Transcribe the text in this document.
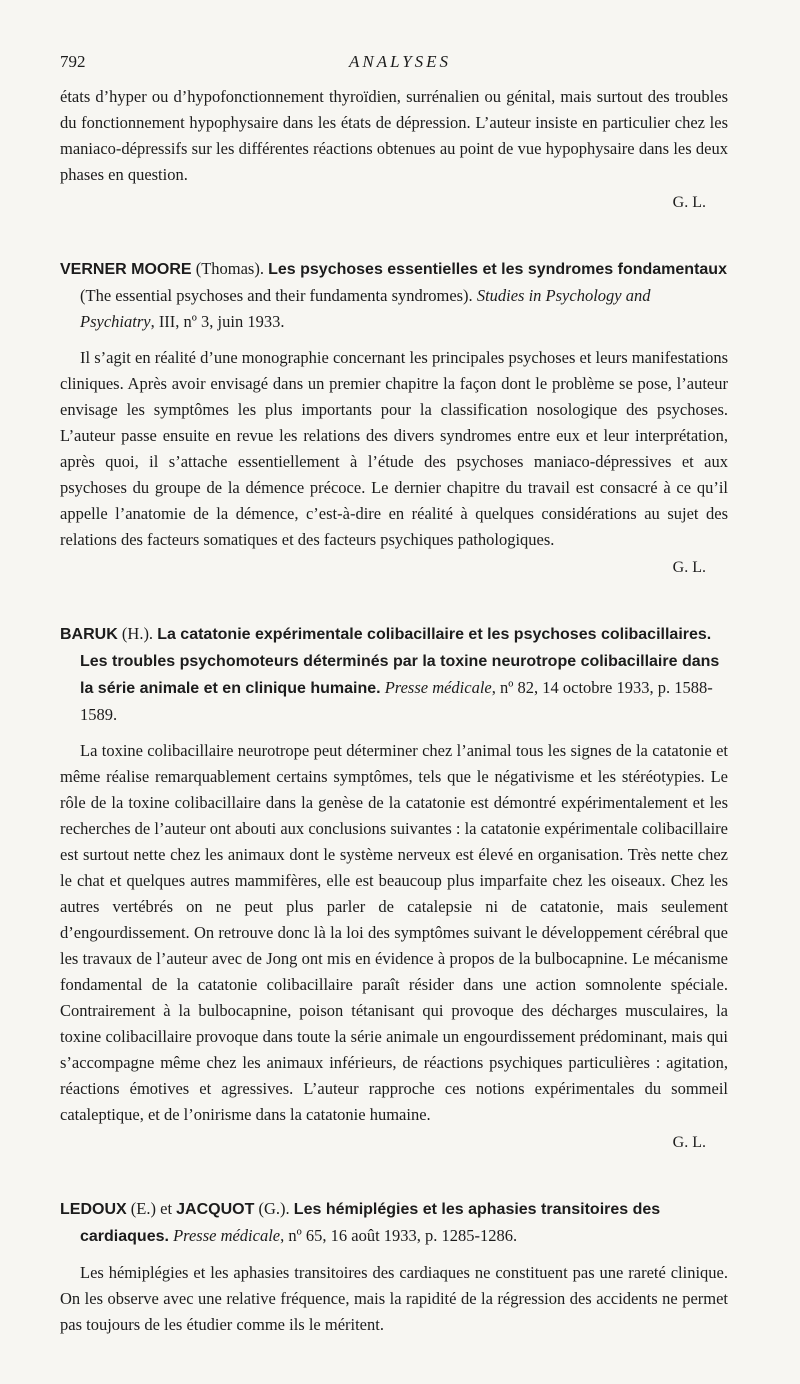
792	ANALYSES

états d’hyper ou d’hypofonctionnement thyroïdien, surrénalien ou génital, mais surtout des troubles du fonctionnement hypophysaire dans les états de dépression. L’auteur insiste en particulier chez les maniaco-dépressifs sur les différentes réactions obtenues au point de vue hypophysaire dans les deux phases en question.

G. L.

VERNER MOORE (Thomas). Les psychoses essentielles et les syndromes fondamentaux (The essential psychoses and their fundamenta syndromes). Studies in Psychology and Psychiatry, III, nº 3, juin 1933.

Il s’agit en réalité d’une monographie concernant les principales psychoses et leurs manifestations cliniques. Après avoir envisagé dans un premier chapitre la façon dont le problème se pose, l’auteur envisage les symptômes les plus importants pour la classification nosologique des psychoses. L’auteur passe ensuite en revue les relations des divers syndromes entre eux et leur interprétation, après quoi, il s’attache essentiellement à l’étude des psychoses maniaco-dépressives et aux psychoses du groupe de la démence précoce. Le dernier chapitre du travail est consacré à ce qu’il appelle l’anatomie de la démence, c’est-à-dire en réalité à quelques considérations au sujet des relations des facteurs somatiques et des facteurs psychiques pathologiques.

G. L.

BARUK (H.). La catatonie expérimentale colibacillaire et les psychoses colibacillaires. Les troubles psychomoteurs déterminés par la toxine neurotrope colibacillaire dans la série animale et en clinique humaine. Presse médicale, nº 82, 14 octobre 1933, p. 1588-1589.

La toxine colibacillaire neurotrope peut déterminer chez l’animal tous les signes de la catatonie et même réalise remarquablement certains symptômes, tels que le négativisme et les stéréotypies. Le rôle de la toxine colibacillaire dans la genèse de la catatonie est démontré expérimentalement et les recherches de l’auteur ont abouti aux conclusions suivantes : la catatonie expérimentale colibacillaire est surtout nette chez les animaux dont le système nerveux est élevé en organisation. Très nette chez le chat et quelques autres mammifères, elle est beaucoup plus imparfaite chez les oiseaux. Chez les autres vertébrés on ne peut plus parler de catalepsie ni de catatonie, mais seulement d’engourdissement. On retrouve donc là la loi des symptômes suivant le développement cérébral que les travaux de l’auteur avec de Jong ont mis en évidence à propos de la bulbocapnine. Le mécanisme fondamental de la catatonie colibacillaire paraît résider dans une action somnolente spéciale. Contrairement à la bulbocapnine, poison tétanisant qui provoque des décharges musculaires, la toxine colibacillaire provoque dans toute la série animale un engourdissement prédominant, mais qui s’accompagne même chez les animaux inférieurs, de réactions psychiques particulières : agitation, réactions émotives et agressives. L’auteur rapproche ces notions expérimentales du sommeil cataleptique, et de l’onirisme dans la catatonie humaine.

G. L.

LEDOUX (E.) et JACQUOT (G.). Les hémiplégies et les aphasies transitoires des cardiaques. Presse médicale, nº 65, 16 août 1933, p. 1285-1286.

Les hémiplégies et les aphasies transitoires des cardiaques ne constituent pas une rareté clinique. On les observe avec une relative fréquence, mais la rapidité de la régression des accidents ne permet pas toujours de les étudier comme ils le méritent.
